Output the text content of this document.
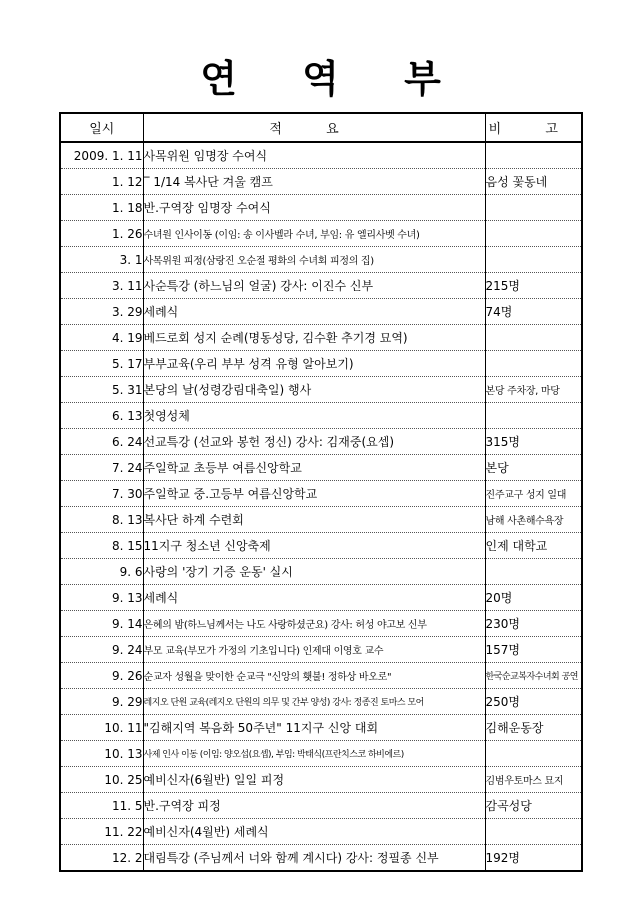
연 역 부
일시	적 요	비 고
2009. 1. 11	사목위원 임명장 수여식	
1. 12	‾ 1/14 복사단 겨울 캠프	음성 꽃동네
1. 18	반.구역장 임명장 수여식	
1. 26	수녀원 인사이동 (이임: 송 이사벨라 수녀, 부임: 유 엘리사벳 수녀)	
3. 1	사목위원 피정(삼랑진 오순절 평화의 수녀회 피정의 집)	
3. 11	사순특강 (하느님의 얼굴) 강사: 이진수 신부	215명
3. 29	세례식	74명
4. 19	베드로회 성지 순례(명동성당, 김수환 추기경 묘역)	
5. 17	부부교육(우리 부부 성격 유형 알아보기)	
5. 31	본당의 날(성령강림대축일) 행사	본당 주차장, 마당
6. 13	첫영성체	
6. 24	선교특강 (선교와 봉헌 정신) 강사: 김재중(요셉)	315명
7. 24	주일학교 초등부 여름신앙학교	본당
7. 30	주일학교 중.고등부 여름신앙학교	진주교구 성지 일대
8. 13	복사단 하계 수련회	남해 사촌해수욕장
8. 15	11지구 청소년 신앙축제	인제 대학교
9. 6	사랑의 '장기 기증 운동' 실시	
9. 13	세례식	20명
9. 14	은혜의 밤(하느님께서는 나도 사랑하셨군요) 강사: 허성 야고보 신부	230명
9. 24	부모 교육(부모가 가정의 기초입니다) 인제대 이영호 교수	157명
9. 26	순교자 성월을 맞이한 순교극 "신앙의 횃불! 정하상 바오로"	한국순교복자수녀회 공연
9. 29	레지오 단원 교육(레지오 단원의 의무 및 간부 양성) 강사: 정종진 토마스 모어	250명
10. 11	"김해지역 복음화 50주년" 11지구 신앙 대회	김해운동장
10. 13	사제 인사 이동 (이임: 양오섭(요셉), 부임: 박태식(프란치스코 하비에르)	
10. 25	예비신자(6월반) 일일 피정	김범우토마스 묘지
11. 5	반.구역장 피정	감곡성당
11. 22	예비신자(4월반) 세례식	
12. 2	대림특강 (주님께서 너와 함께 계시다) 강사: 정필종 신부	192명
